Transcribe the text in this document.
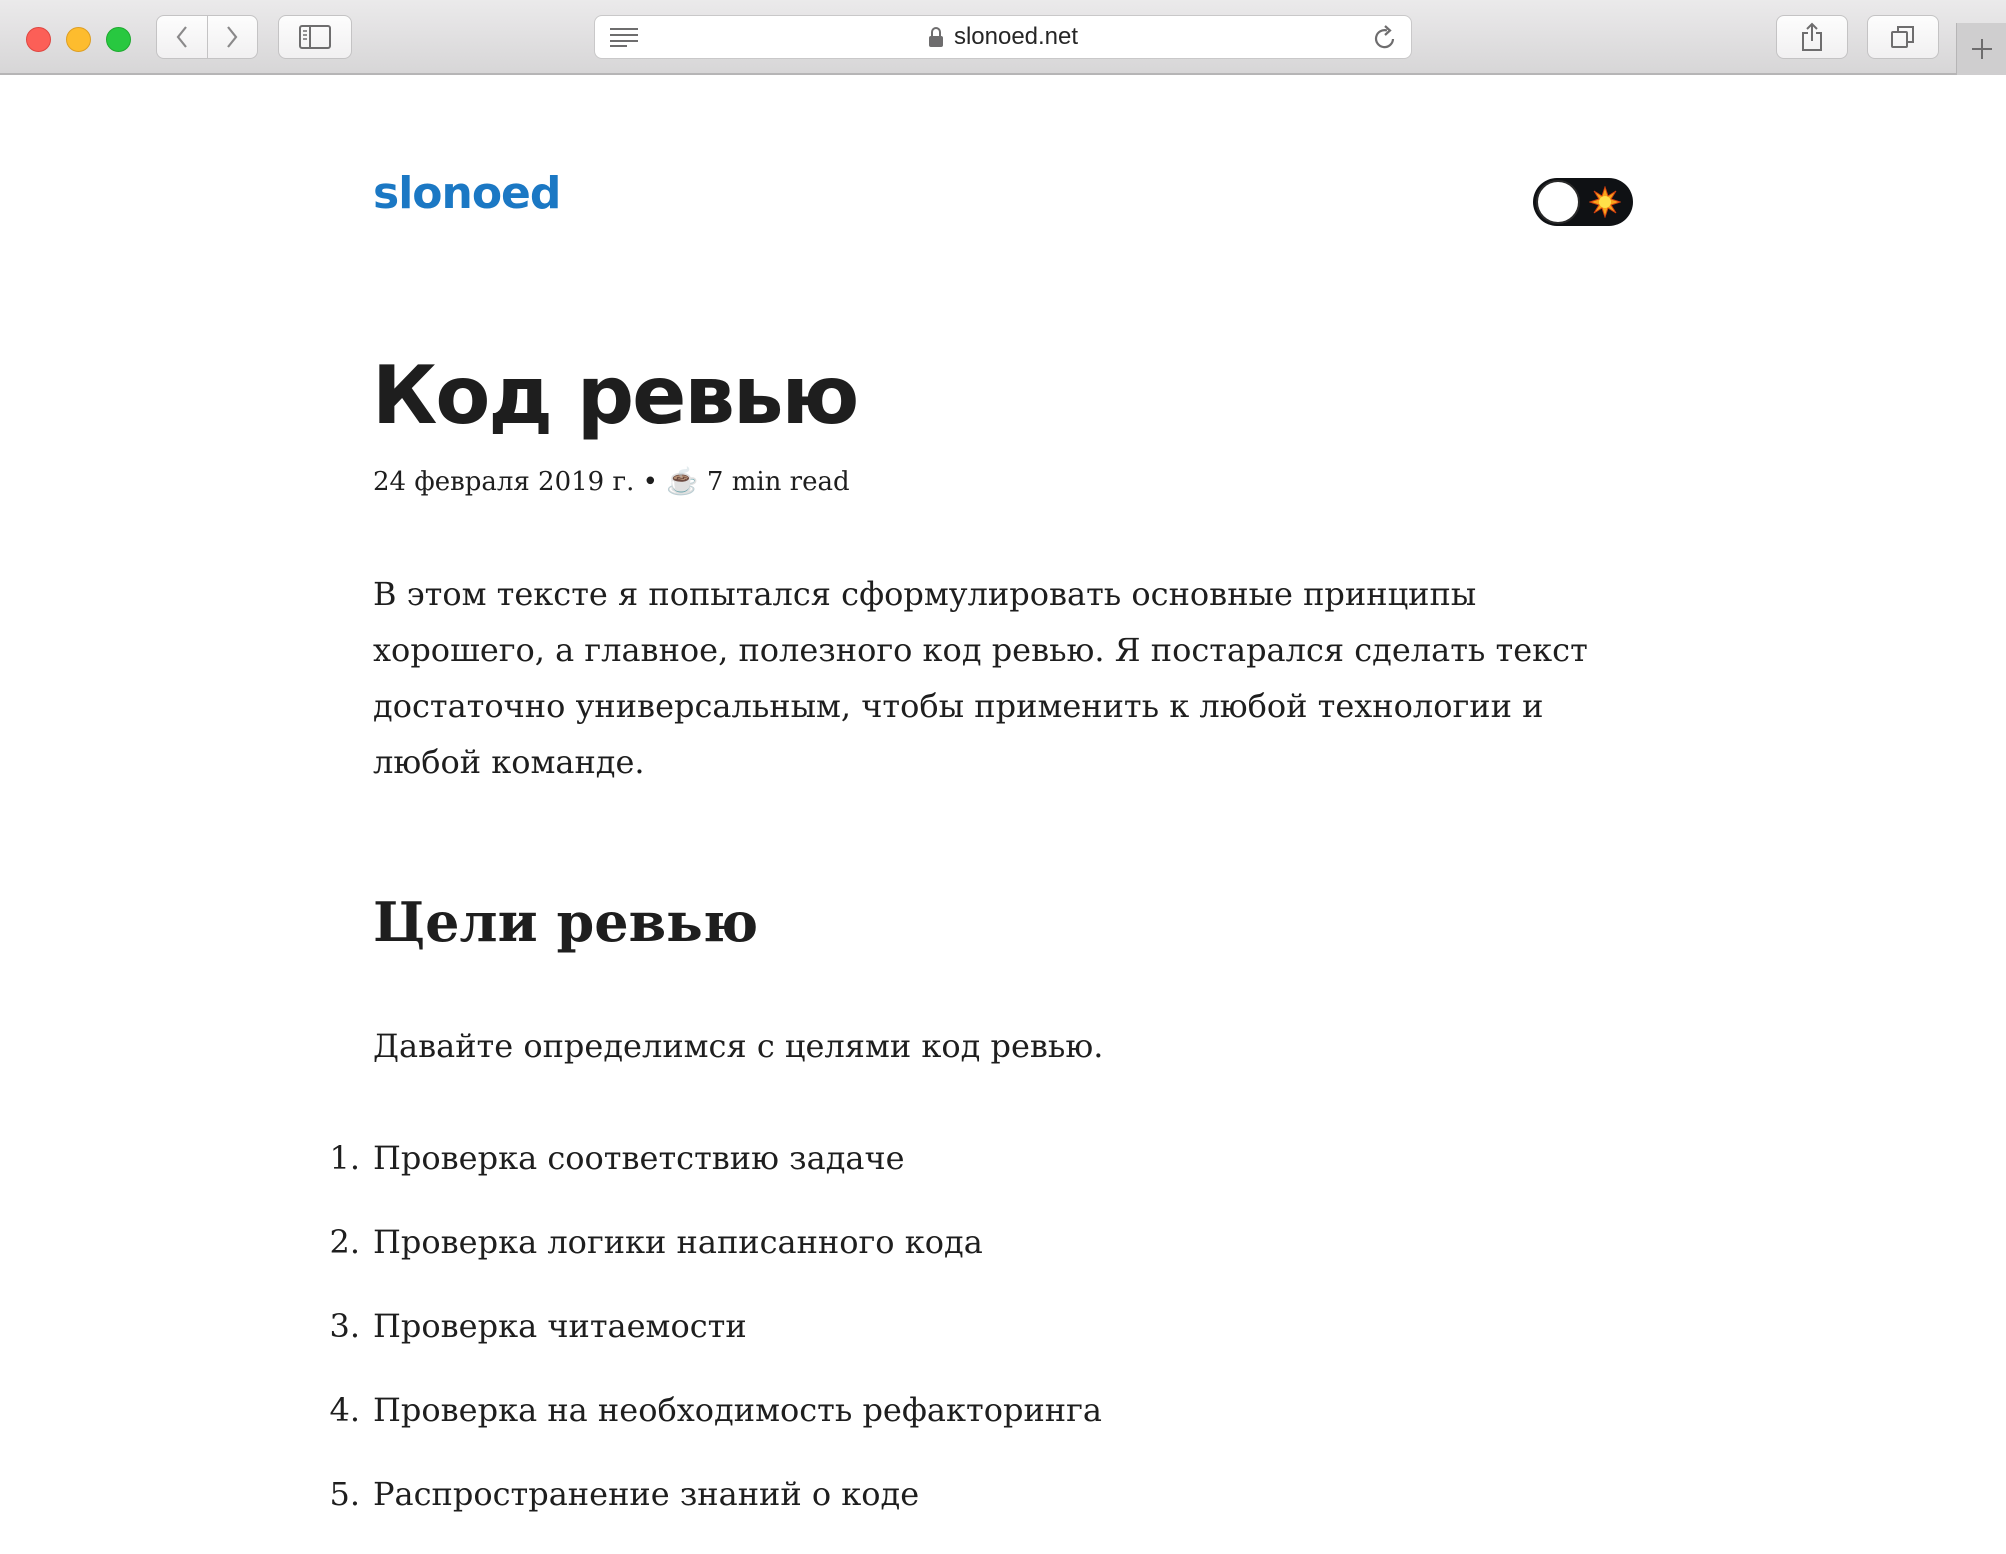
slonoed.net
slonoed
Код ревью
24 февраля 2019 г. • ☕️ 7 min read

В этом тексте я попытался сформулировать основные принципы хорошего, а главное, полезного код ревью. Я постарался сделать текст достаточно универсальным, чтобы применить к любой технологии и любой команде.

Цели ревью

Давайте определимся с целями код ревью.

1. Проверка соответствию задаче
2. Проверка логики написанного кода
3. Проверка читаемости
4. Проверка на необходимость рефакторинга
5. Распространение знаний о коде
